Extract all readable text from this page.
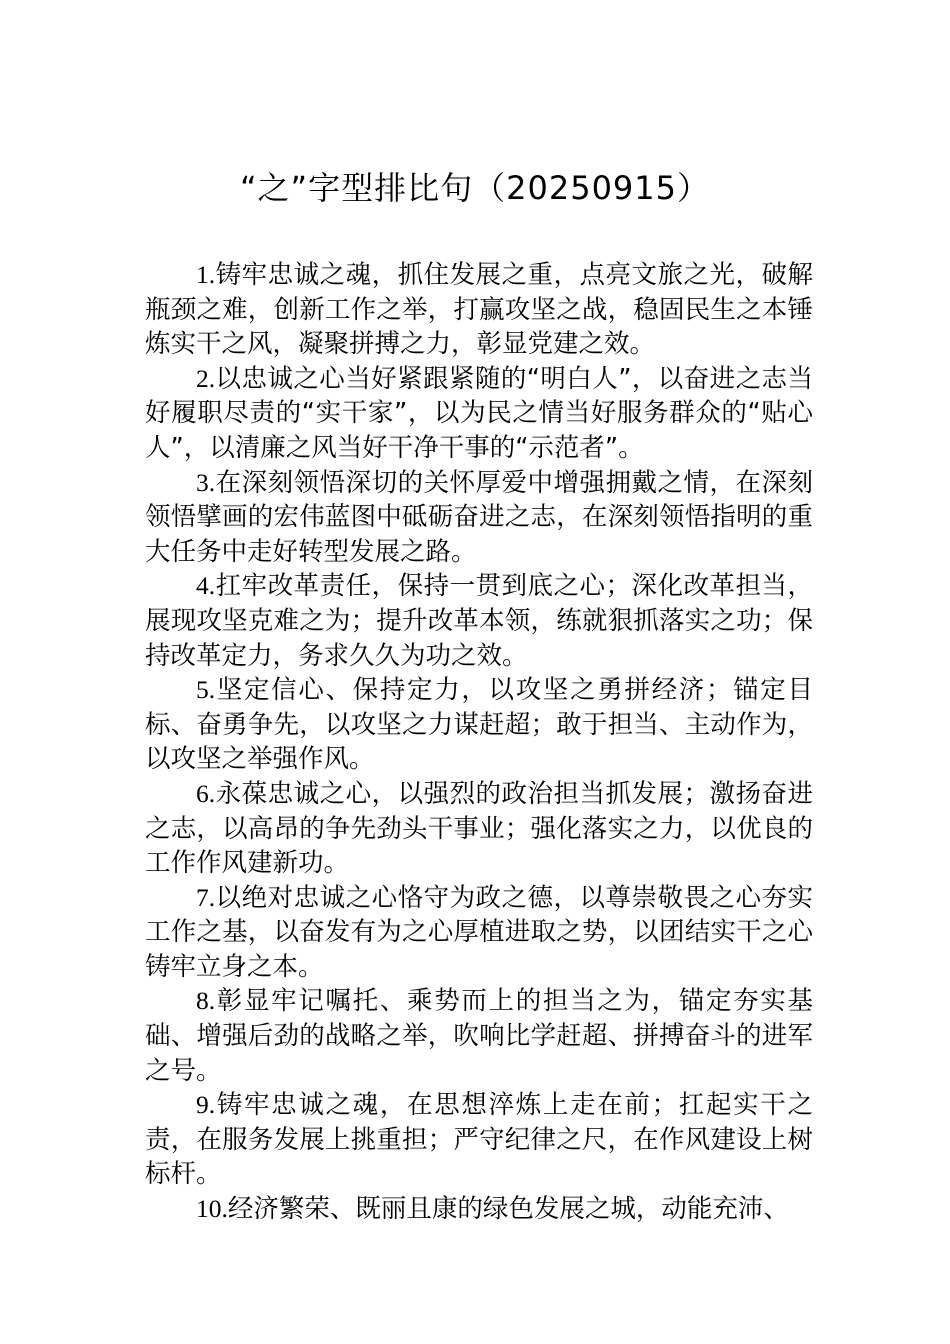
“之”字型排比句（20250915）

1.铸牢忠诚之魂，抓住发展之重，点亮文旅之光，破解瓶颈之难，创新工作之举，打赢攻坚之战，稳固民生之本锤炼实干之风，凝聚拼搏之力，彰显党建之效。

2.以忠诚之心当好紧跟紧随的“明白人”，以奋进之志当好履职尽责的“实干家”，以为民之情当好服务群众的“贴心人”，以清廉之风当好干净干事的“示范者”。

3.在深刻领悟深切的关怀厚爱中增强拥戴之情，在深刻领悟擘画的宏伟蓝图中砥砺奋进之志，在深刻领悟指明的重大任务中走好转型发展之路。

4.扛牢改革责任，保持一贯到底之心；深化改革担当，展现攻坚克难之为；提升改革本领，练就狠抓落实之功；保持改革定力，务求久久为功之效。

5.坚定信心、保持定力，以攻坚之勇拼经济；锚定目标、奋勇争先，以攻坚之力谋赶超；敢于担当、主动作为，以攻坚之举强作风。

6.永葆忠诚之心，以强烈的政治担当抓发展；激扬奋进之志，以高昂的争先劲头干事业；强化落实之力，以优良的工作作风建新功。

7.以绝对忠诚之心恪守为政之德，以尊崇敬畏之心夯实工作之基，以奋发有为之心厚植进取之势，以团结实干之心铸牢立身之本。

8.彰显牢记嘱托、乘势而上的担当之为，锚定夯实基础、增强后劲的战略之举，吹响比学赶超、拼搏奋斗的进军之号。

9.铸牢忠诚之魂，在思想淬炼上走在前；扛起实干之责，在服务发展上挑重担；严守纪律之尺，在作风建设上树标杆。

10.经济繁荣、既丽且康的绿色发展之城，动能充沛、
